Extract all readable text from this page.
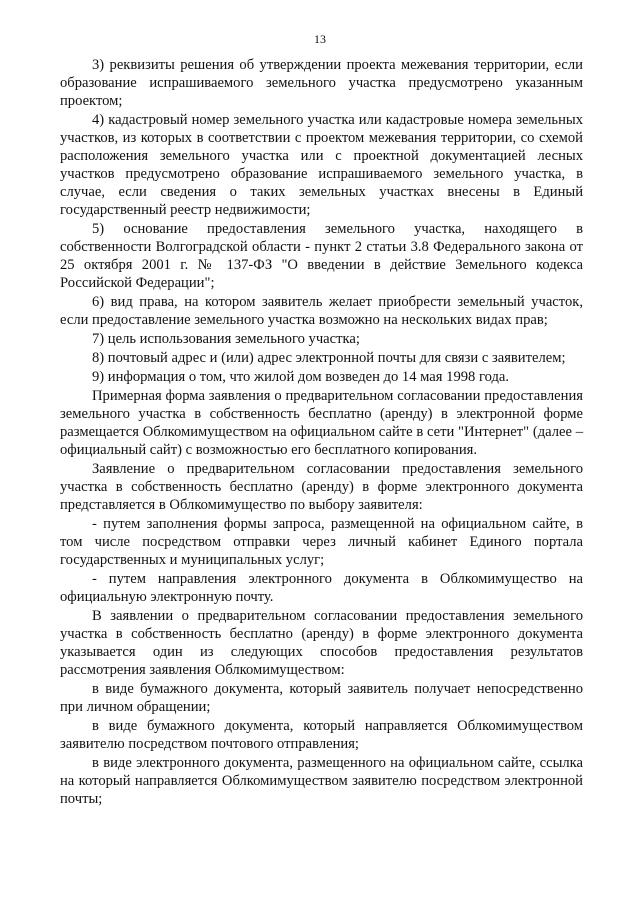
13

3) реквизиты решения об утверждении проекта межевания территории, если образование испрашиваемого земельного участка предусмотрено указанным проектом;

4) кадастровый номер земельного участка или кадастровые номера земельных участков, из которых в соответствии с проектом межевания территории, со схемой расположения земельного участка или с проектной документацией лесных участков предусмотрено образование испрашиваемого земельного участка, в случае, если сведения о таких земельных участках внесены в Единый государственный реестр недвижимости;

5) основание предоставления земельного участка, находящего в собственности Волгоградской области - пункт 2 статьи 3.8 Федерального закона от 25 октября 2001 г. № 137-ФЗ "О введении в действие Земельного кодекса Российской Федерации";

6) вид права, на котором заявитель желает приобрести земельный участок, если предоставление земельного участка возможно на нескольких видах прав;

7) цель использования земельного участка;

8) почтовый адрес и (или) адрес электронной почты для связи с заявителем;

9) информация о том, что жилой дом возведен до 14 мая 1998 года.

Примерная форма заявления о предварительном согласовании предоставления земельного участка в собственность бесплатно (аренду) в электронной форме размещается Облкомимуществом на официальном сайте в сети "Интернет" (далее – официальный сайт) с возможностью его бесплатного копирования.

Заявление о предварительном согласовании предоставления земельного участка в собственность бесплатно (аренду) в форме электронного документа представляется в Облкомимущество по выбору заявителя:

- путем заполнения формы запроса, размещенной на официальном сайте, в том числе посредством отправки через личный кабинет Единого портала государственных и муниципальных услуг;

- путем направления электронного документа в Облкомимущество на официальную электронную почту.

В заявлении о предварительном согласовании предоставления земельного участка в собственность бесплатно (аренду) в форме электронного документа указывается один из следующих способов предоставления результатов рассмотрения заявления Облкомимуществом:

в виде бумажного документа, который заявитель получает непосредственно при личном обращении;

в виде бумажного документа, который направляется Облкомимуществом заявителю посредством почтового отправления;

в виде электронного документа, размещенного на официальном сайте, ссылка на который направляется Облкомимуществом заявителю посредством электронной почты;
